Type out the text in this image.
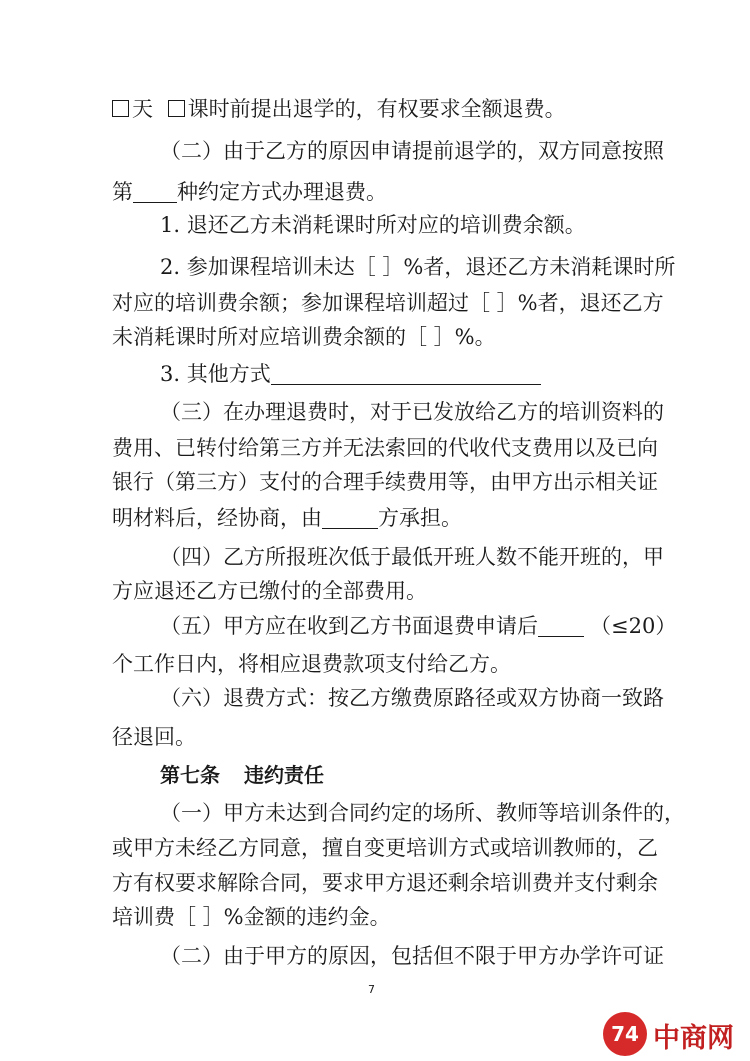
天 课时前提出退学的，有权要求全额退费。
（二）由于乙方的原因申请提前退学的，双方同意按照
第 种约定方式办理退费。
1. 退还乙方未消耗课时所对应的培训费余额。
2. 参加课程培训未达［ ］%者，退还乙方未消耗课时所
对应的培训费余额；参加课程培训超过［ ］%者，退还乙方
未消耗课时所对应培训费余额的［ ］%。
3. 其他方式
（三）在办理退费时，对于已发放给乙方的培训资料的
费用、已转付给第三方并无法索回的代收代支费用以及已向
银行（第三方）支付的合理手续费用等，由甲方出示相关证
明材料后，经协商，由	方承担。
（四）乙方所报班次低于最低开班人数不能开班的，甲
方应退还乙方已缴付的全部费用。
（五）甲方应在收到乙方书面退费申请后 （≤20）
个工作日内，将相应退费款项支付给乙方。
（六）退费方式：按乙方缴费原路径或双方协商一致路
径退回。
第七条 违约责任
（一）甲方未达到合同约定的场所、教师等培训条件的，
或甲方未经乙方同意，擅自变更培训方式或培训教师的，乙
方有权要求解除合同，要求甲方退还剩余培训费并支付剩余
培训费［ ］%金额的违约金。
（二）由于甲方的原因，包括但不限于甲方办学许可证
7
74 中商网
